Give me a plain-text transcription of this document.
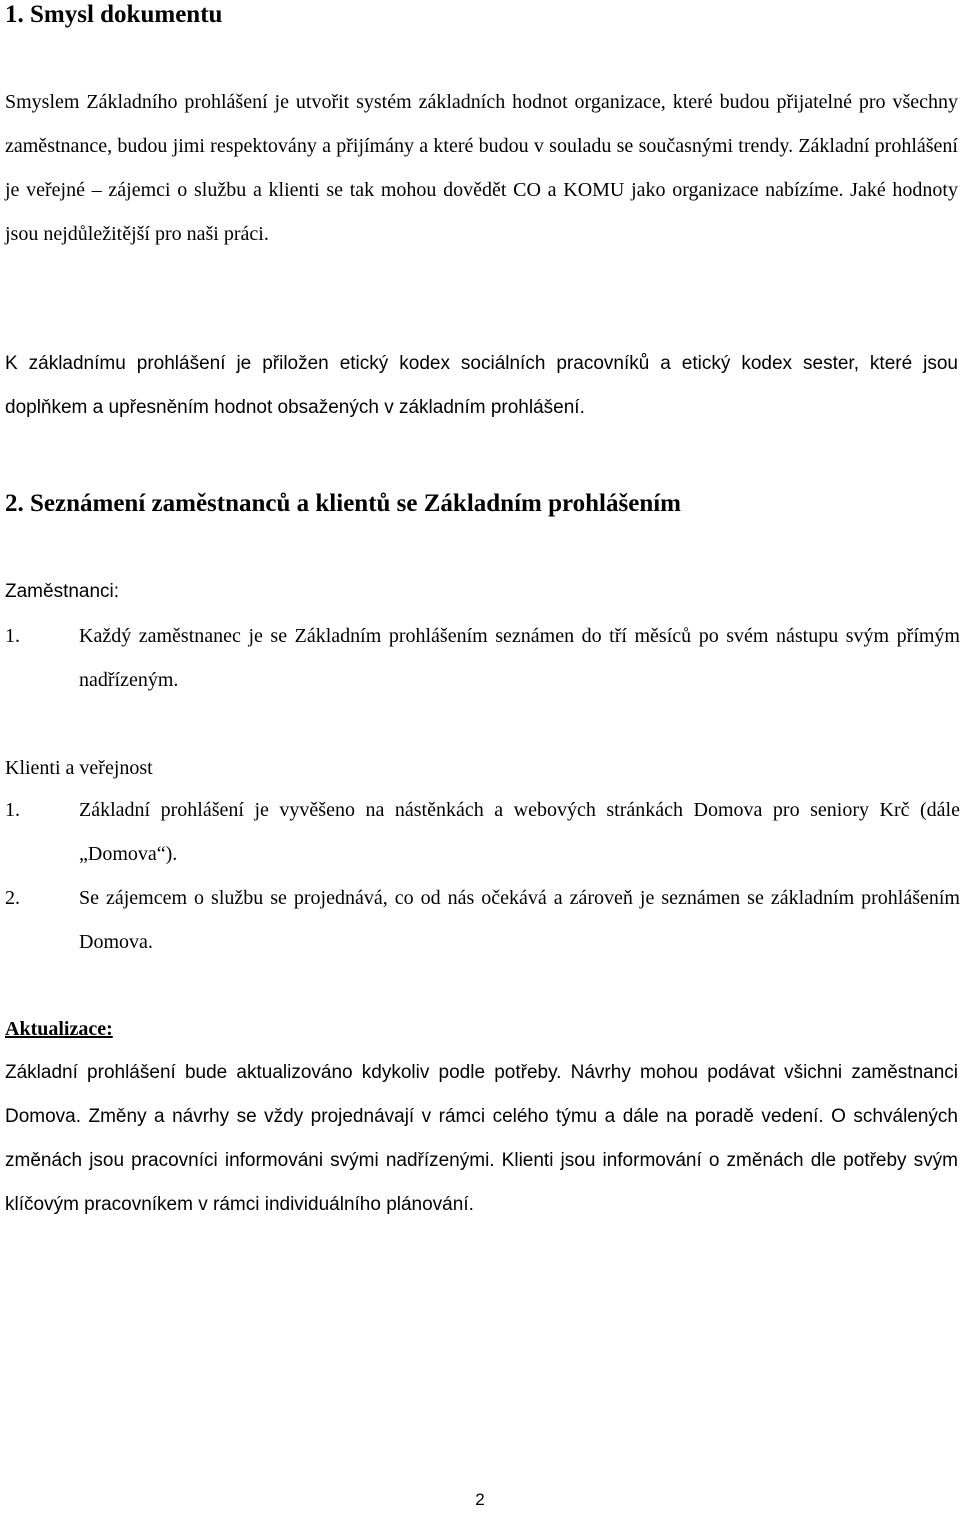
1. Smysl dokumentu
Smyslem Základního prohlášení je utvořit systém základních hodnot organizace, které budou přijatelné pro všechny zaměstnance, budou jimi respektovány a přijímány a které budou v souladu se současnými trendy. Základní prohlášení je veřejné – zájemci o službu a klienti se tak mohou dovědět CO a KOMU jako organizace nabízíme. Jaké hodnoty jsou nejdůležitější pro naši práci.
K základnímu prohlášení je přiložen etický kodex sociálních pracovníků a etický kodex sester, které jsou doplňkem a upřesněním hodnot obsažených v základním prohlášení.
2. Seznámení zaměstnanců a klientů se Základním prohlášením
Zaměstnanci:
1.	Každý zaměstnanec je se Základním prohlášením seznámen do tří měsíců po svém nástupu svým přímým nadřízeným.
Klienti a veřejnost
1.	Základní prohlášení je vyvěšeno na nástěnkách a webových stránkách Domova pro seniory Krč (dále „Domova“).
2.	Se zájemcem o službu se projednává, co od nás očekává a zároveň je seznámen se základním prohlášením Domova.
Aktualizace:
Základní prohlášení bude aktualizováno kdykoliv podle potřeby. Návrhy mohou podávat všichni zaměstnanci Domova. Změny a návrhy se vždy projednávají v rámci celého týmu a dále na poradě vedení. O schválených změnách jsou pracovníci informováni svými nadřízenými. Klienti jsou informování o změnách dle potřeby svým klíčovým pracovníkem v rámci individuálního plánování.
2
